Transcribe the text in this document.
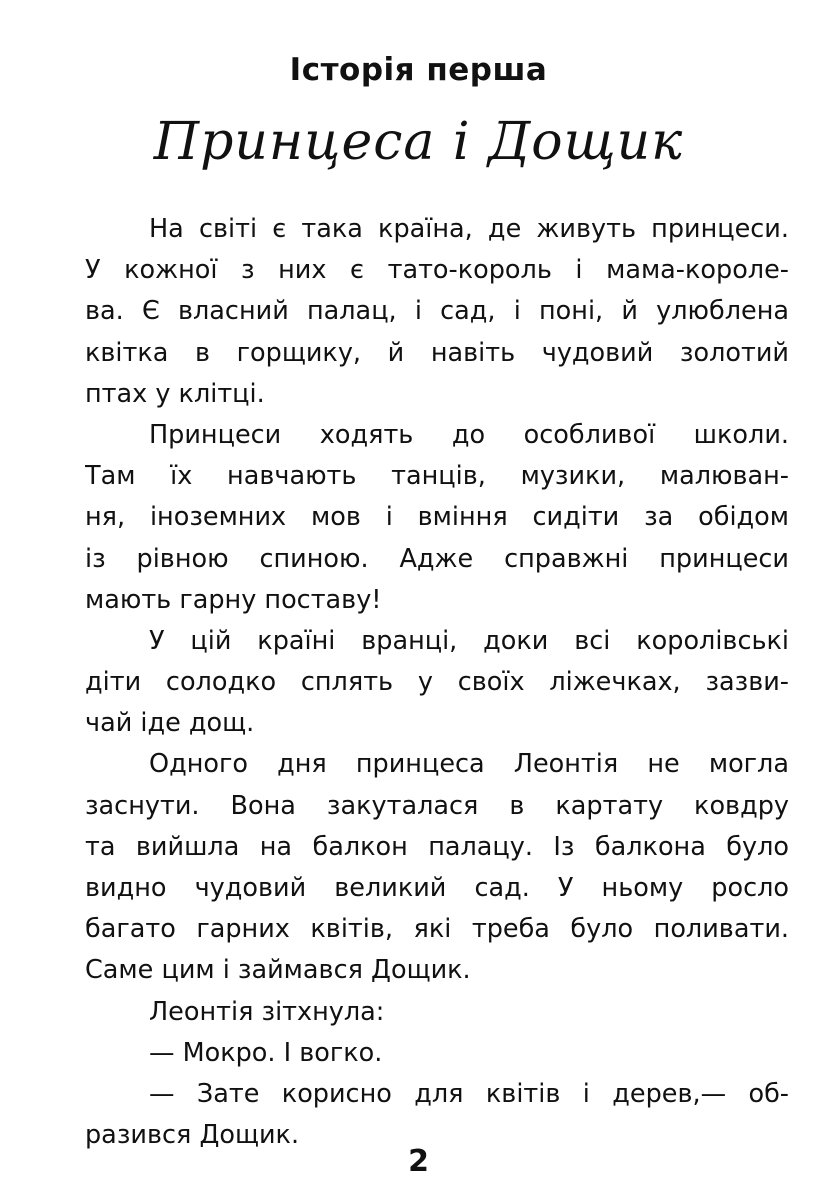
Історія перша
Принцеса і Дощик
На світі є така країна, де живуть принцеси.
У кожної з них є тато-король і мама-короле-
ва. Є власний палац, і сад, і поні, й улюблена
квітка в горщику, й навіть чудовий золотий
птах у клітці.
Принцеси ходять до особливої школи.
Там їх навчають танців, музики, малюван-
ня, іноземних мов і вміння сидіти за обідом
із рівною спиною. Адже справжні принцеси
мають гарну поставу!
У цій країні вранці, доки всі королівські
діти солодко сплять у своїх ліжечках, зазви-
чай іде дощ.
Одного дня принцеса Леонтія не могла
заснути. Вона закуталася в картату ковдру
та вийшла на балкон палацу. Із балкона було
видно чудовий великий сад. У ньому росло
багато гарних квітів, які треба було поливати.
Саме цим і займався Дощик.
Леонтія зітхнула:
— Мокро. І вогко.
— Зате корисно для квітів і дерев,— об-
разився Дощик.
2
